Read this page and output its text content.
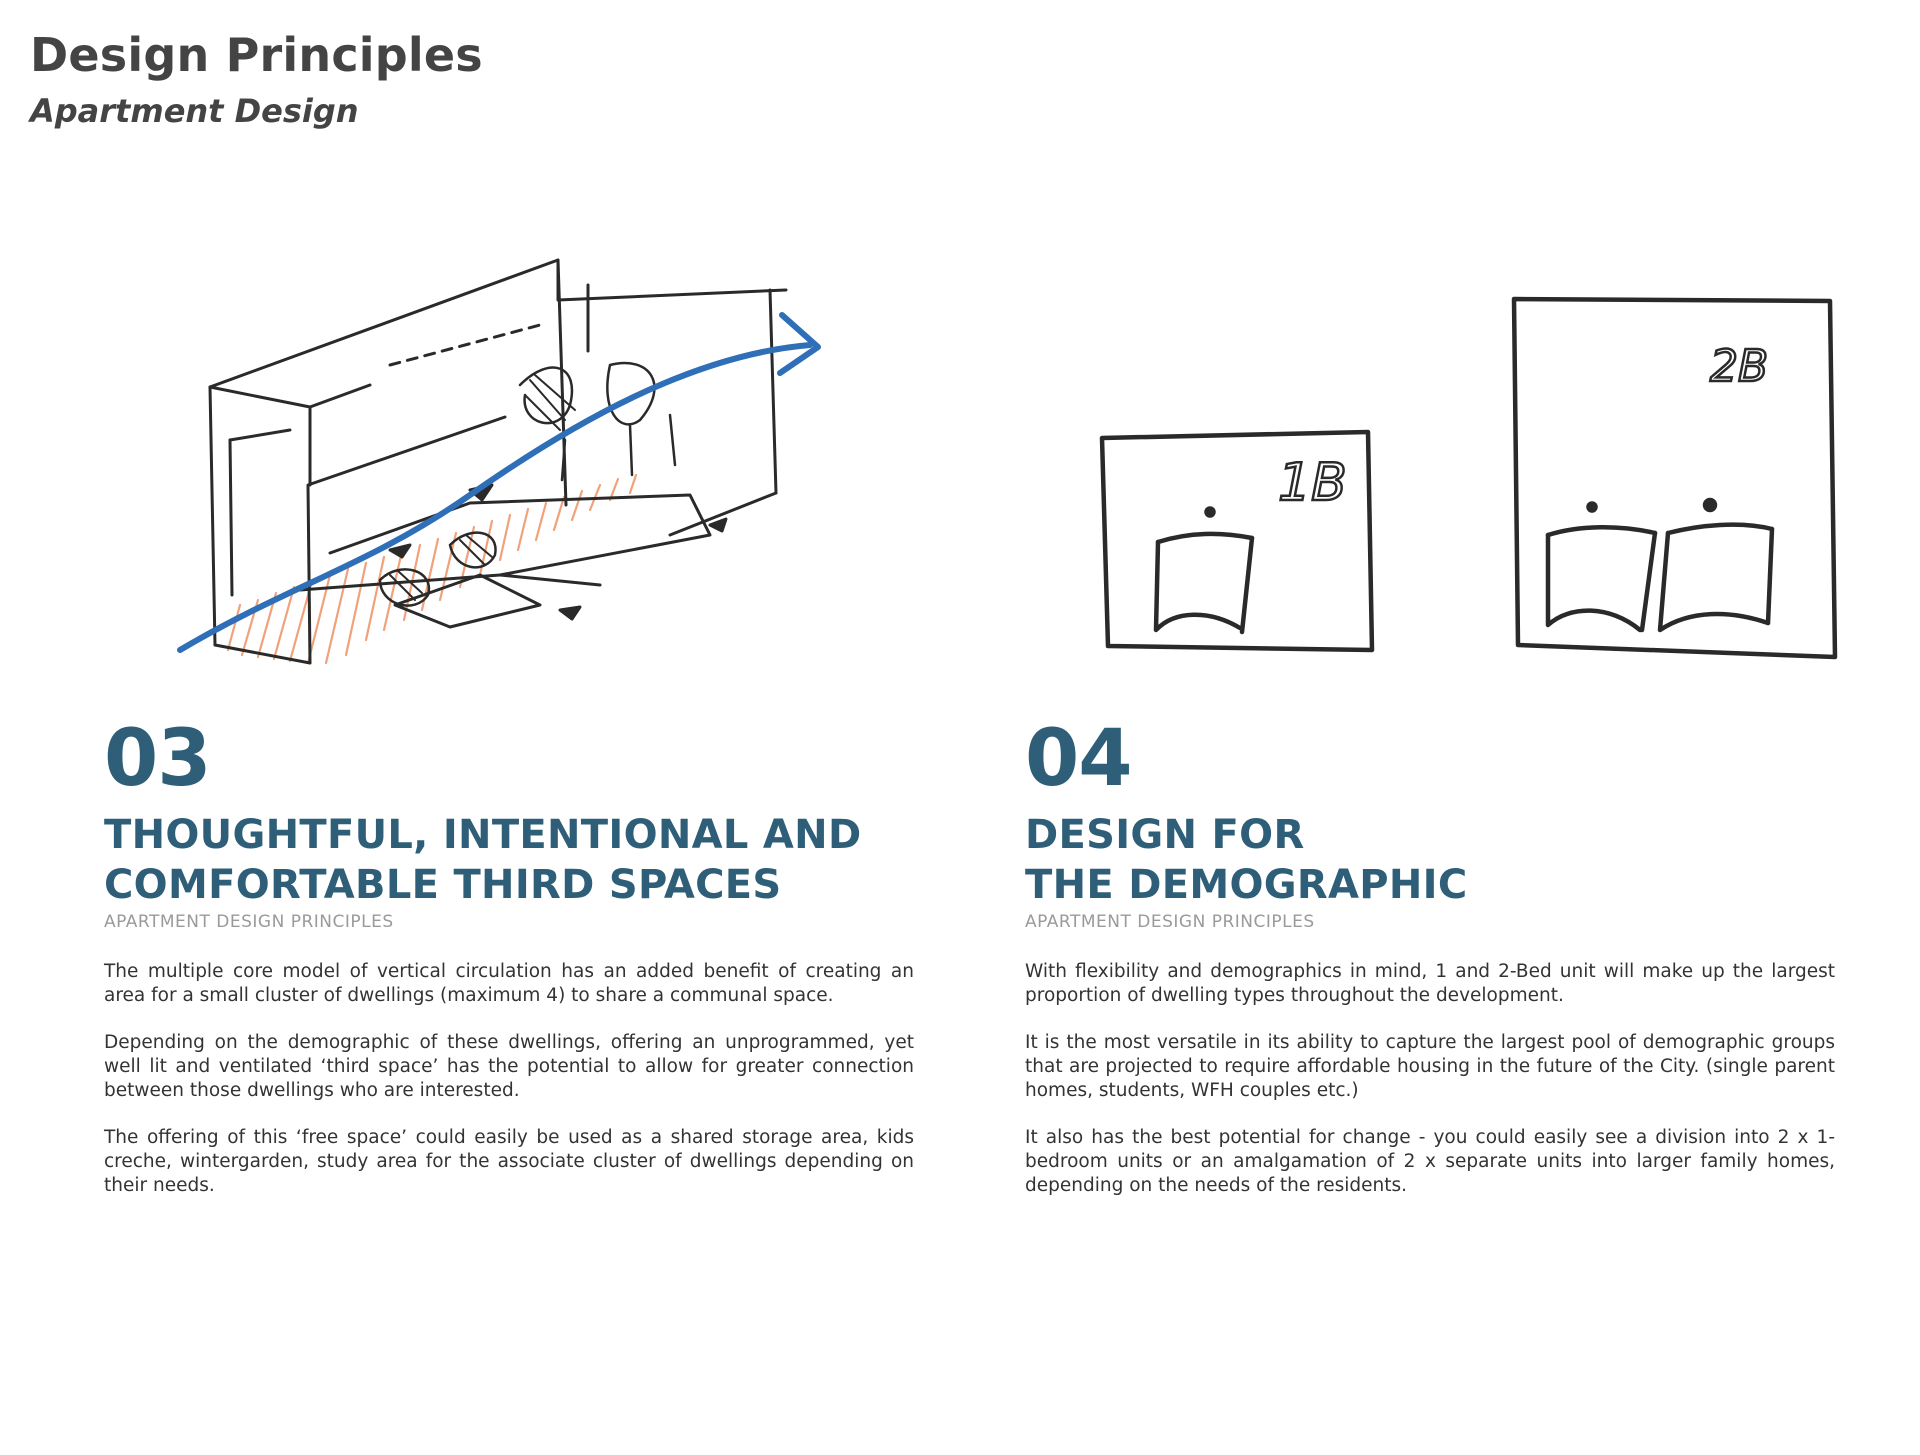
Design Principles
Apartment Design
1B
2B
03
THOUGHTFUL, INTENTIONAL AND
COMFORTABLE THIRD SPACES
APARTMENT DESIGN PRINCIPLES

The multiple core model of vertical circulation has an added benefit of creating an area for a small cluster of dwellings (maximum 4) to share a communal space.

Depending on the demographic of these dwellings, offering an unprogrammed, yet well lit and ventilated ‘third space’ has the potential to allow for greater connection between those dwellings who are interested.

The offering of this ‘free space’ could easily be used as a shared storage area, kids creche, wintergarden, study area for the associate cluster of dwellings depending on their needs.

04
DESIGN FOR
THE DEMOGRAPHIC
APARTMENT DESIGN PRINCIPLES

With flexibility and demographics in mind, 1 and 2-Bed unit will make up the largest proportion of dwelling types throughout the development.

It is the most versatile in its ability to capture the largest pool of demographic groups that are projected to require affordable housing in the future of the City. (single parent homes, students, WFH couples etc.)

It also has the best potential for change - you could easily see a division into 2 x 1-bedroom units or an amalgamation of 2 x separate units into larger family homes, depending on the needs of the residents.
